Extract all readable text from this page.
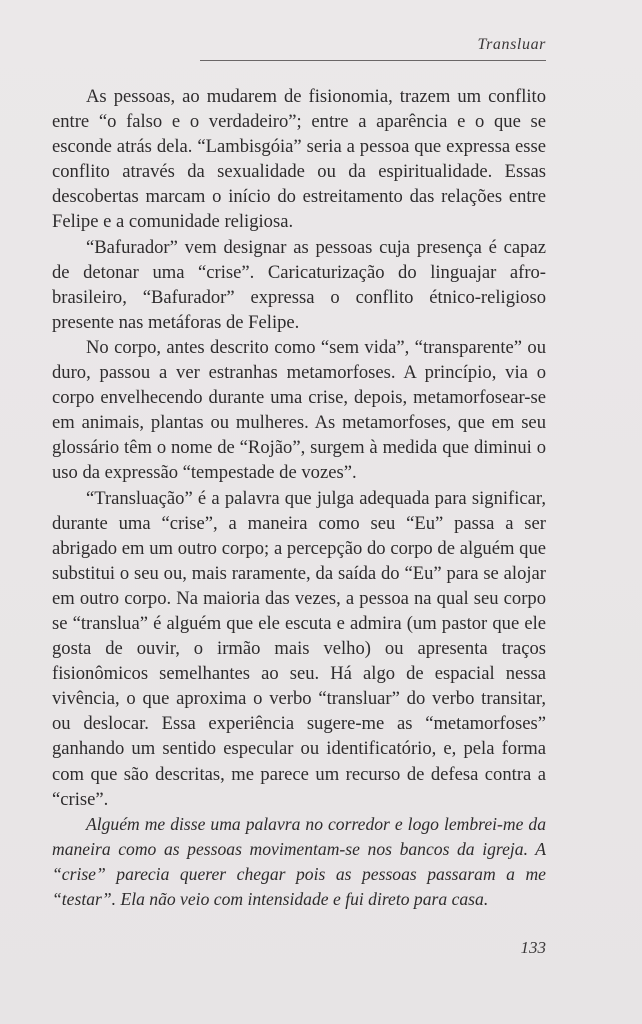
Transluar

As pessoas, ao mudarem de fisionomia, trazem um conflito entre “o falso e o verdadeiro”; entre a aparência e o que se esconde atrás dela. “Lambisgóia” seria a pessoa que expressa esse conflito através da sexualidade ou da espiritualidade. Essas descobertas marcam o início do estreitamento das relações entre Felipe e a comunidade religiosa.

“Bafurador” vem designar as pessoas cuja presença é capaz de detonar uma “crise”. Caricaturização do linguajar afro-brasileiro, “Bafurador” expressa o conflito étnico-religioso presente nas metáforas de Felipe.

No corpo, antes descrito como “sem vida”, “transparente” ou duro, passou a ver estranhas metamorfoses. A princípio, via o corpo envelhecendo durante uma crise, depois, metamorfosear-se em animais, plantas ou mulheres. As metamorfoses, que em seu glossário têm o nome de “Rojão”, surgem à medida que diminui o uso da expressão “tempestade de vozes”.

“Transluação” é a palavra que julga adequada para significar, durante uma “crise”, a maneira como seu “Eu” passa a ser abrigado em um outro corpo; a percepção do corpo de alguém que substitui o seu ou, mais raramente, da saída do “Eu” para se alojar em outro corpo. Na maioria das vezes, a pessoa na qual seu corpo se “translua” é alguém que ele escuta e admira (um pastor que ele gosta de ouvir, o irmão mais velho) ou apresenta traços fisionômicos semelhantes ao seu. Há algo de espacial nessa vivência, o que aproxima o verbo “transluar” do verbo transitar, ou deslocar. Essa experiência sugere-me as “metamorfoses” ganhando um sentido especular ou identificatório, e, pela forma com que são descritas, me parece um recurso de defesa contra a “crise”.

Alguém me disse uma palavra no corredor e logo lembrei-me da maneira como as pessoas movimentam-se nos bancos da igreja. A “crise” parecia querer chegar pois as pessoas passaram a me “testar”. Ela não veio com intensidade e fui direto para casa.

133
